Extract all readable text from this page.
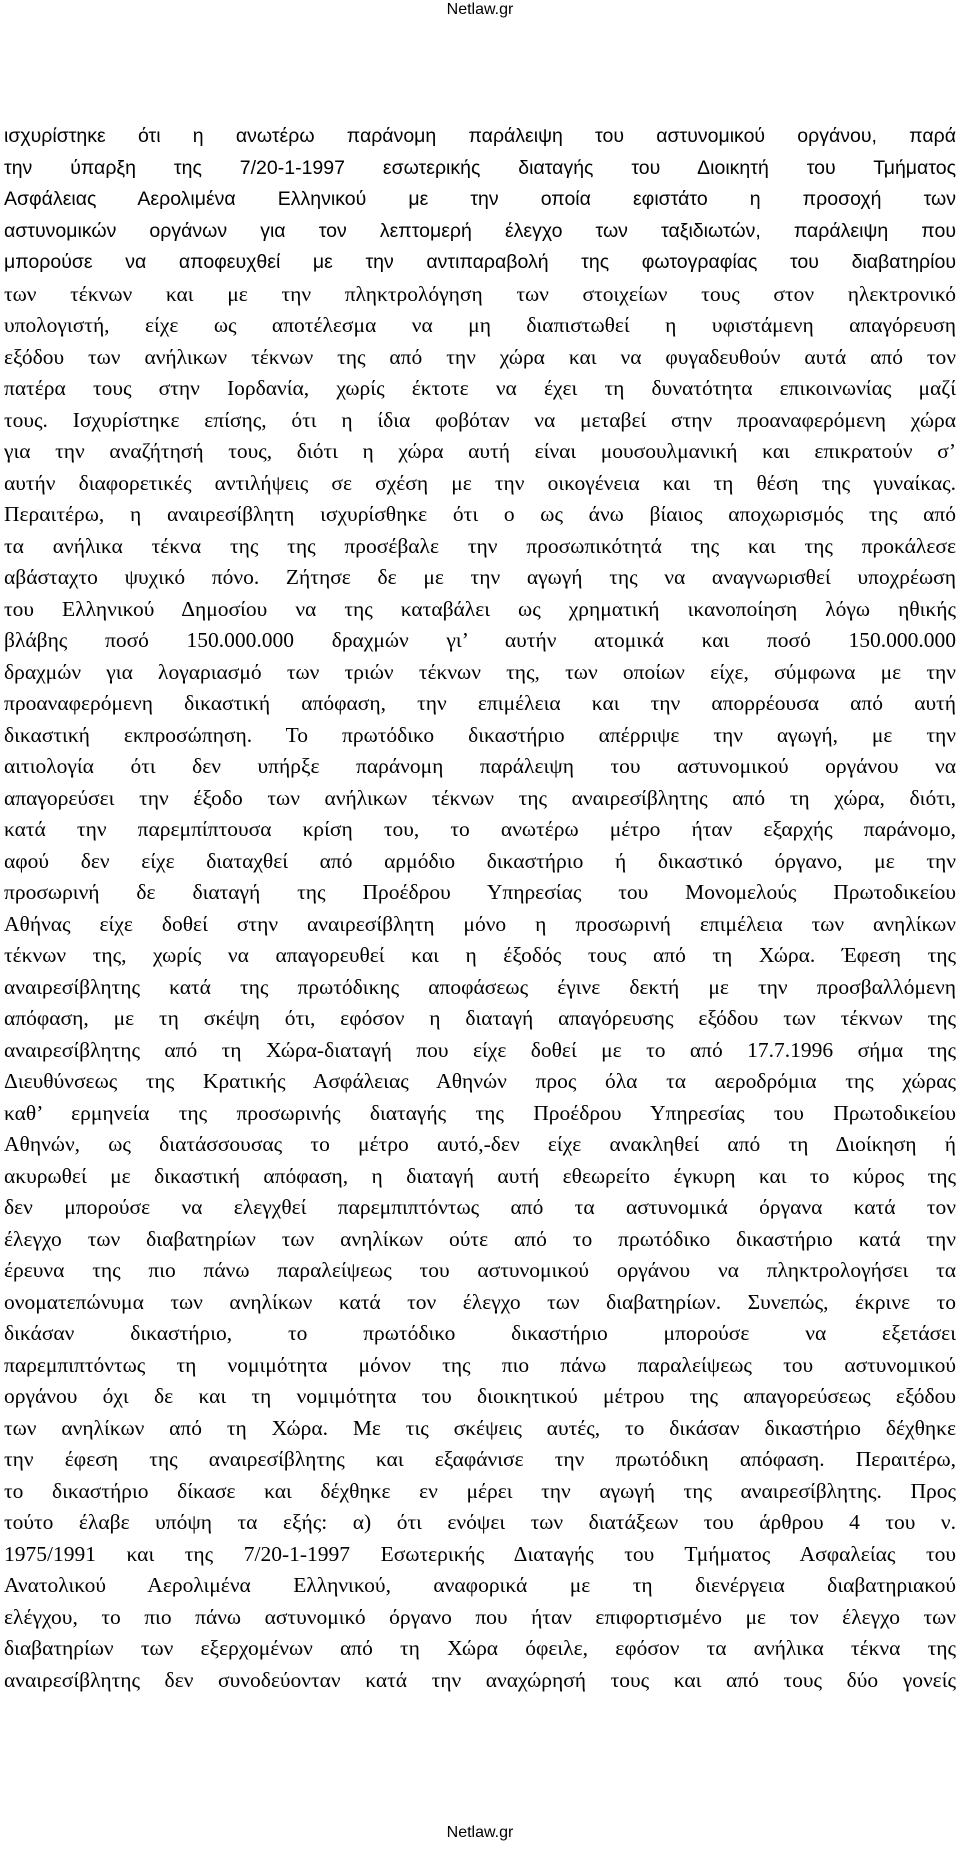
Netlaw.gr
ισχυρίστηκε ότι η ανωτέρω παράνομη παράλειψη του αστυνομικού οργάνου, παρά
την ύπαρξη της 7/20-1-1997 εσωτερικής διαταγής του Διοικητή του Τμήματος
Ασφάλειας Αερολιμένα Ελληνικού με την οποία εφιστάτο η προσοχή των
αστυνομικών οργάνων για τον λεπτομερή έλεγχο των ταξιδιωτών, παράλειψη που
μπορούσε να αποφευχθεί με την αντιπαραβολή της φωτογραφίας του διαβατηρίου
των τέκνων και με την πληκτρολόγηση των στοιχείων τους στον ηλεκτρονικό
υπολογιστή, είχε ως αποτέλεσμα να μη διαπιστωθεί η υφιστάμενη απαγόρευση
εξόδου των ανήλικων τέκνων της από την χώρα και να φυγαδευθούν αυτά από τον
πατέρα τους στην Ιορδανία, χωρίς έκτοτε να έχει τη δυνατότητα επικοινωνίας μαζί
τους. Ισχυρίστηκε επίσης, ότι η ίδια φοβόταν να μεταβεί στην προαναφερόμενη χώρα
για την αναζήτησή τους, διότι η χώρα αυτή είναι μουσουλμανική και επικρατούν σ’
αυτήν διαφορετικές αντιλήψεις σε σχέση με την οικογένεια και τη θέση της γυναίκας.
Περαιτέρω, η αναιρεσίβλητη ισχυρίσθηκε ότι ο ως άνω βίαιος αποχωρισμός της από
τα ανήλικα τέκνα της της προσέβαλε την προσωπικότητά της και της προκάλεσε
αβάσταχτο ψυχικό πόνο. Ζήτησε δε με την αγωγή της να αναγνωρισθεί υποχρέωση
του Ελληνικού Δημοσίου να της καταβάλει ως χρηματική ικανοποίηση λόγω ηθικής
βλάβης ποσό 150.000.000 δραχμών γι’ αυτήν ατομικά και ποσό 150.000.000
δραχμών για λογαριασμό των τριών τέκνων της, των οποίων είχε, σύμφωνα με την
προαναφερόμενη δικαστική απόφαση, την επιμέλεια και την απορρέουσα από αυτή
δικαστική εκπροσώπηση. Το πρωτόδικο δικαστήριο απέρριψε την αγωγή, με την
αιτιολογία ότι δεν υπήρξε παράνομη παράλειψη του αστυνομικού οργάνου να
απαγορεύσει την έξοδο των ανήλικων τέκνων της αναιρεσίβλητης από τη χώρα, διότι,
κατά την παρεμπίπτουσα κρίση του, το ανωτέρω μέτρο ήταν εξαρχής παράνομο,
αφού δεν είχε διαταχθεί από αρμόδιο δικαστήριο ή δικαστικό όργανο, με την
προσωρινή δε διαταγή της Προέδρου Υπηρεσίας του Μονομελούς Πρωτοδικείου
Αθήνας είχε δοθεί στην αναιρεσίβλητη μόνο η προσωρινή επιμέλεια των ανηλίκων
τέκνων της, χωρίς να απαγορευθεί και η έξοδός τους από τη Χώρα. Έφεση της
αναιρεσίβλητης κατά της πρωτόδικης αποφάσεως έγινε δεκτή με την προσβαλλόμενη
απόφαση, με τη σκέψη ότι, εφόσον η διαταγή απαγόρευσης εξόδου των τέκνων της
αναιρεσίβλητης από τη Χώρα-διαταγή που είχε δοθεί με το από 17.7.1996 σήμα της
Διευθύνσεως της Κρατικής Ασφάλειας Αθηνών προς όλα τα αεροδρόμια της χώρας
καθ’ ερμηνεία της προσωρινής διαταγής της Προέδρου Υπηρεσίας του Πρωτοδικείου
Αθηνών, ως διατάσσουσας το μέτρο αυτό,-δεν είχε ανακληθεί από τη Διοίκηση ή
ακυρωθεί με δικαστική απόφαση, η διαταγή αυτή εθεωρείτο έγκυρη και το κύρος της
δεν μπορούσε να ελεγχθεί παρεμπιπτόντως από τα αστυνομικά όργανα κατά τον
έλεγχο των διαβατηρίων των ανηλίκων ούτε από το πρωτόδικο δικαστήριο κατά την
έρευνα της πιο πάνω παραλείψεως του αστυνομικού οργάνου να πληκτρολογήσει τα
ονοματεπώνυμα των ανηλίκων κατά τον έλεγχο των διαβατηρίων. Συνεπώς, έκρινε το
δικάσαν δικαστήριο, το πρωτόδικο δικαστήριο μπορούσε να εξετάσει
παρεμπιπτόντως τη νομιμότητα μόνον της πιο πάνω παραλείψεως του αστυνομικού
οργάνου όχι δε και τη νομιμότητα του διοικητικού μέτρου της απαγορεύσεως εξόδου
των ανηλίκων από τη Χώρα. Με τις σκέψεις αυτές, το δικάσαν δικαστήριο δέχθηκε
την έφεση της αναιρεσίβλητης και εξαφάνισε την πρωτόδικη απόφαση. Περαιτέρω,
το δικαστήριο δίκασε και δέχθηκε εν μέρει την αγωγή της αναιρεσίβλητης. Προς
τούτο έλαβε υπόψη τα εξής: α) ότι ενόψει των διατάξεων του άρθρου 4 του ν.
1975/1991 και της 7/20-1-1997 Εσωτερικής Διαταγής του Τμήματος Ασφαλείας του
Ανατολικού Αερολιμένα Ελληνικού, αναφορικά με τη διενέργεια διαβατηριακού
ελέγχου, το πιο πάνω αστυνομικό όργανο που ήταν επιφορτισμένο με τον έλεγχο των
διαβατηρίων των εξερχομένων από τη Χώρα όφειλε, εφόσον τα ανήλικα τέκνα της
αναιρεσίβλητης δεν συνοδεύονταν κατά την αναχώρησή τους και από τους δύο γονείς
Netlaw.gr
